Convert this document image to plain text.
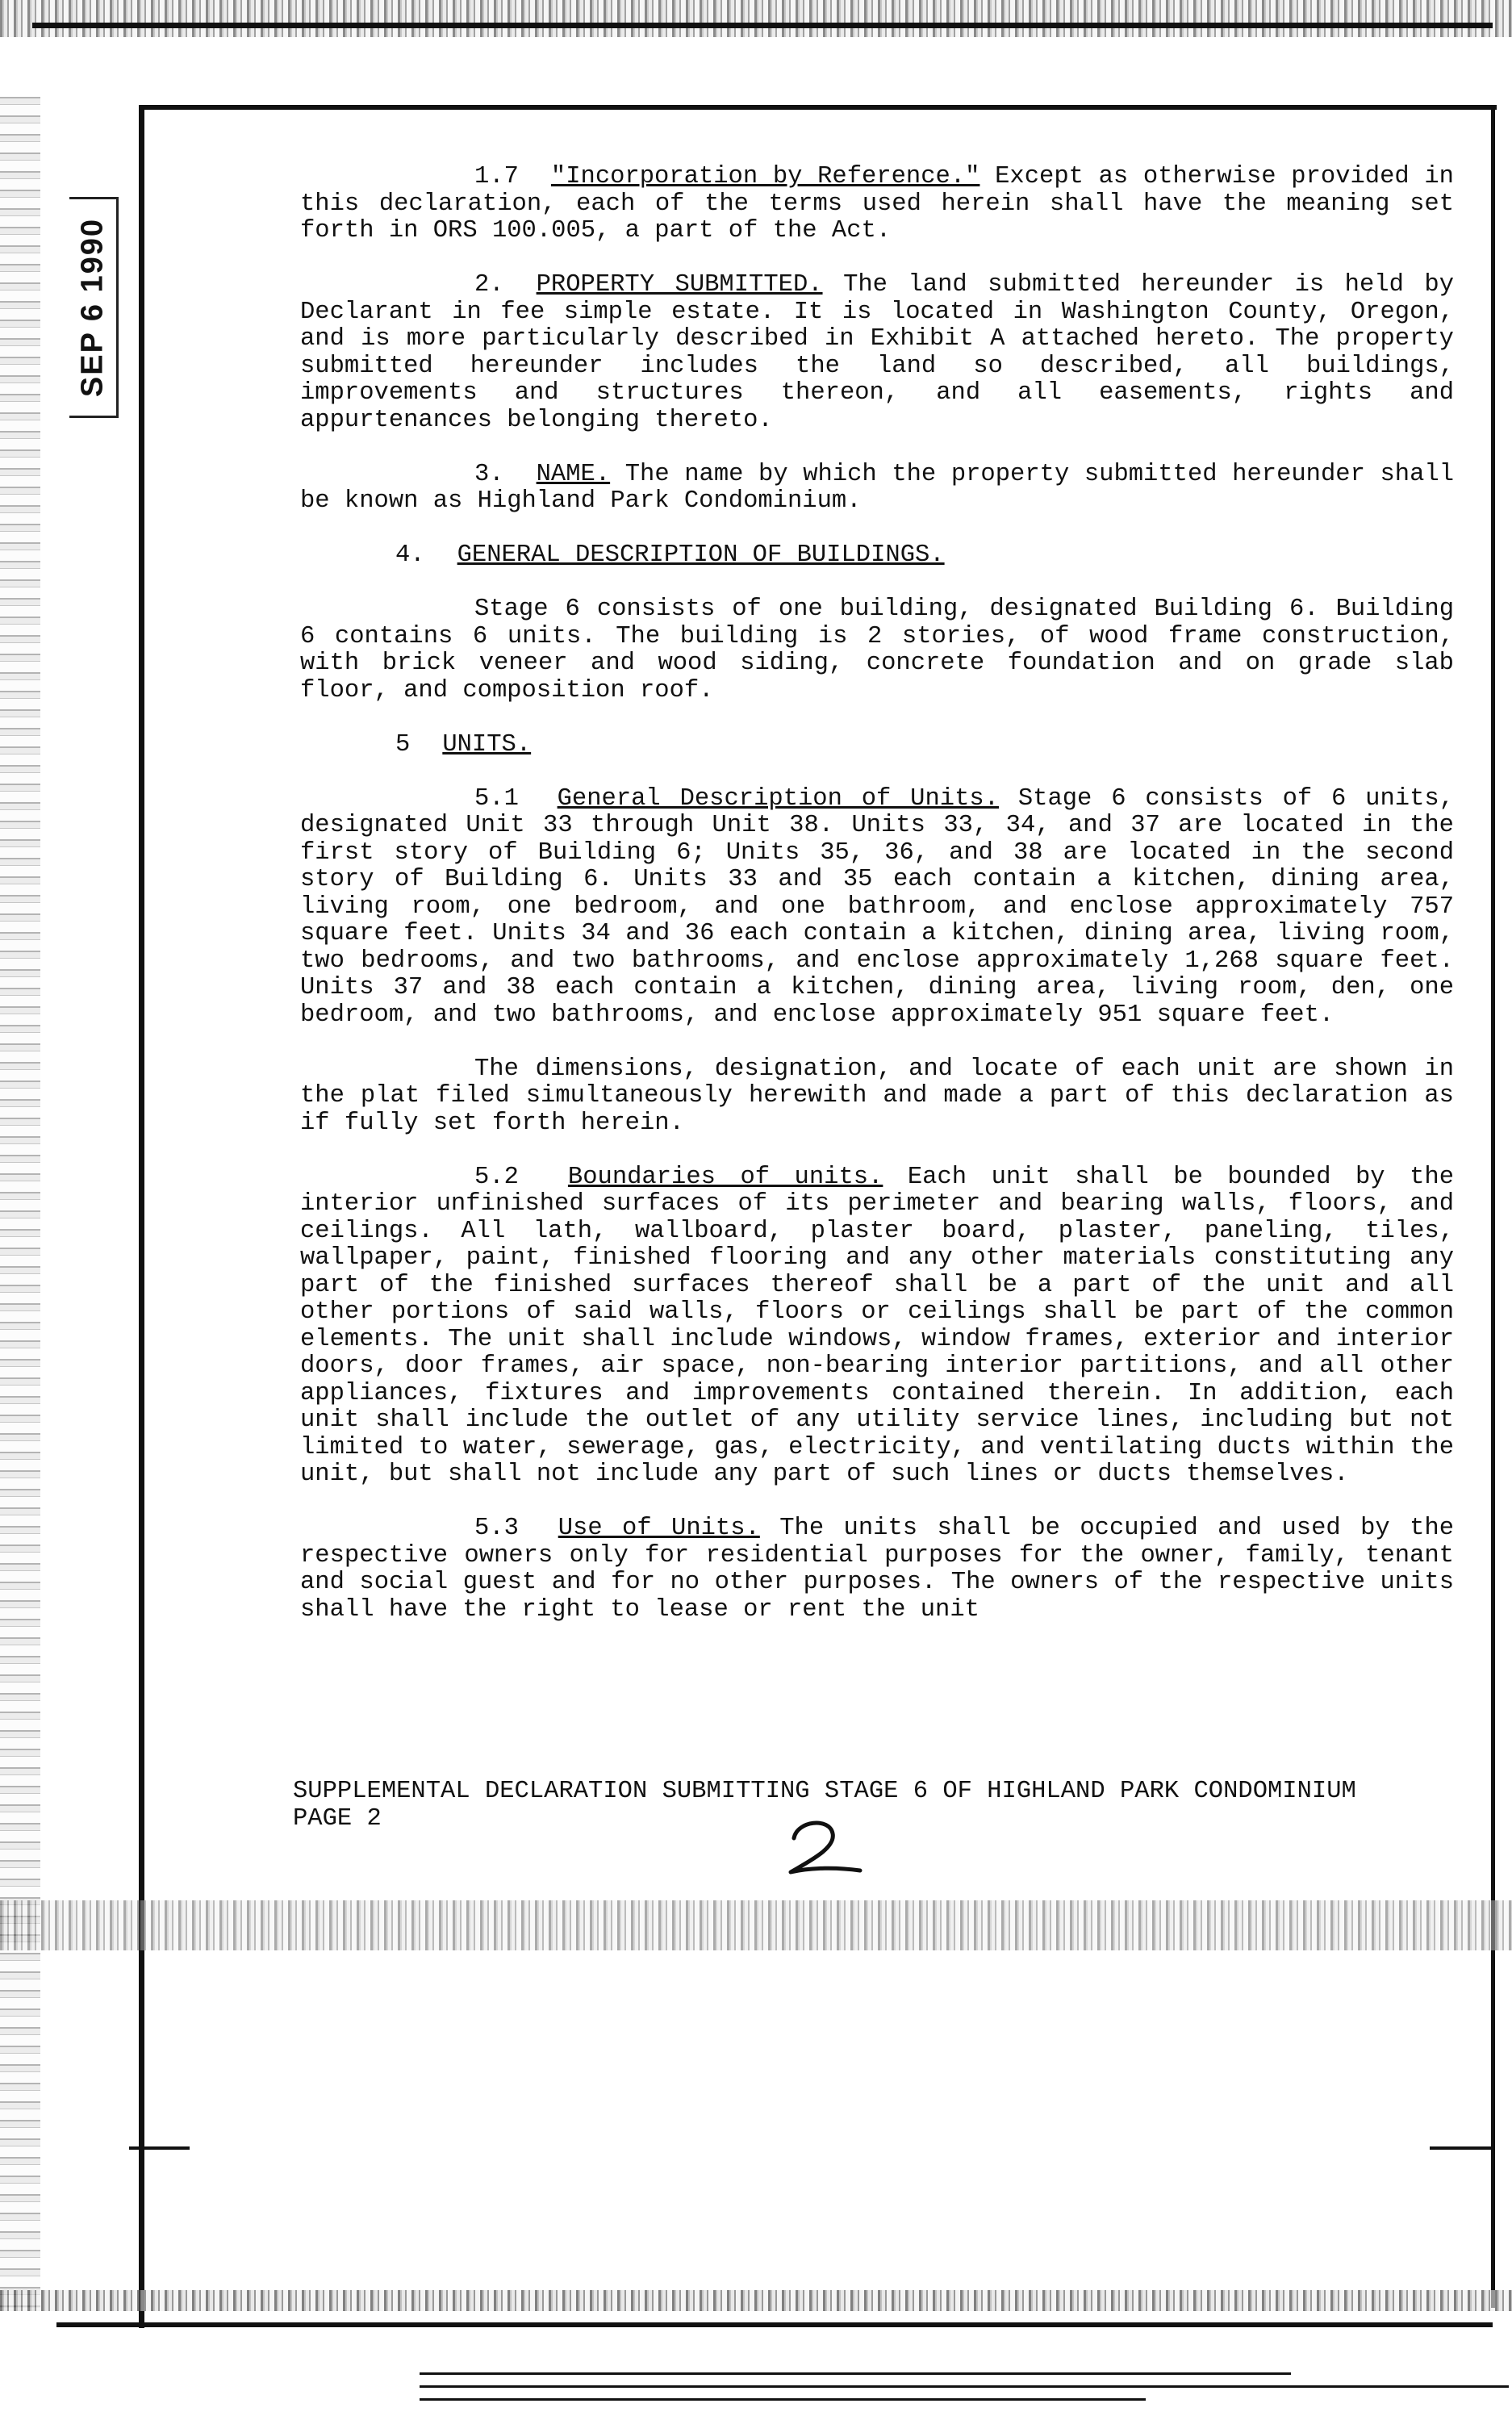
SEP 6 1990

1.7 "Incorporation by Reference." Except as otherwise provided in this declaration, each of the terms used herein shall have the meaning set forth in ORS 100.005, a part of the Act.

2. PROPERTY SUBMITTED. The land submitted hereunder is held by Declarant in fee simple estate. It is located in Washington County, Oregon, and is more particularly described in Exhibit A attached hereto. The property submitted hereunder includes the land so described, all buildings, improvements and structures thereon, and all easements, rights and appurtenances belonging thereto.

3. NAME. The name by which the property submitted hereunder shall be known as Highland Park Condominium.

4. GENERAL DESCRIPTION OF BUILDINGS.

Stage 6 consists of one building, designated Building 6. Building 6 contains 6 units. The building is 2 stories, of wood frame construction, with brick veneer and wood siding, concrete foundation and on grade slab floor, and composition roof.

5 UNITS.

5.1 General Description of Units. Stage 6 consists of 6 units, designated Unit 33 through Unit 38. Units 33, 34, and 37 are located in the first story of Building 6; Units 35, 36, and 38 are located in the second story of Building 6. Units 33 and 35 each contain a kitchen, dining area, living room, one bedroom, and one bathroom, and enclose approximately 757 square feet. Units 34 and 36 each contain a kitchen, dining area, living room, two bedrooms, and two bathrooms, and enclose approximately 1,268 square feet. Units 37 and 38 each contain a kitchen, dining area, living room, den, one bedroom, and two bathrooms, and enclose approximately 951 square feet.

The dimensions, designation, and locate of each unit are shown in the plat filed simultaneously herewith and made a part of this declaration as if fully set forth herein.

5.2 Boundaries of units. Each unit shall be bounded by the interior unfinished surfaces of its perimeter and bearing walls, floors, and ceilings. All lath, wallboard, plaster board, plaster, paneling, tiles, wallpaper, paint, finished flooring and any other materials constituting any part of the finished surfaces thereof shall be a part of the unit and all other portions of said walls, floors or ceilings shall be part of the common elements. The unit shall include windows, window frames, exterior and interior doors, door frames, air space, non-bearing interior partitions, and all other appliances, fixtures and improvements contained therein. In addition, each unit shall include the outlet of any utility service lines, including but not limited to water, sewerage, gas, electricity, and ventilating ducts within the unit, but shall not include any part of such lines or ducts themselves.

5.3 Use of Units. The units shall be occupied and used by the respective owners only for residential purposes for the owner, family, tenant and social guest and for no other purposes. The owners of the respective units shall have the right to lease or rent the unit

SUPPLEMENTAL DECLARATION SUBMITTING STAGE 6 OF HIGHLAND PARK CONDOMINIUM
PAGE 2
